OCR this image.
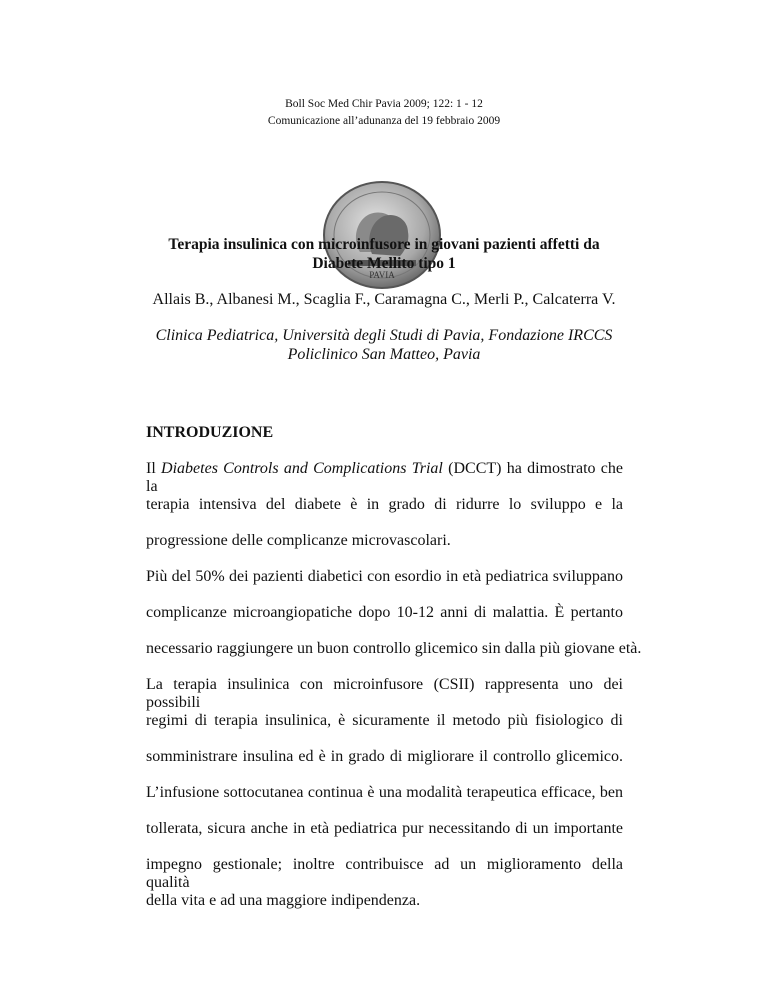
Boll Soc Med Chir Pavia 2009; 122: 1 - 12
Comunicazione all’adunanza del 19 febbraio 2009
PAVIA
Terapia insulinica con microinfusore in giovani pazienti affetti da
Diabete Mellito tipo 1
Allais B., Albanesi M., Scaglia F., Caramagna C., Merli P., Calcaterra V.
Clinica Pediatrica, Università degli Studi di Pavia, Fondazione IRCCS
Policlinico San Matteo, Pavia
INTRODUZIONE
Il Diabetes Controls and Complications Trial (DCCT) ha dimostrato che la
terapia intensiva del diabete è in grado di ridurre lo sviluppo e la
progressione delle complicanze microvascolari.
Più del 50% dei pazienti diabetici con esordio in età pediatrica sviluppano
complicanze microangiopatiche dopo 10-12 anni di malattia. È pertanto
necessario raggiungere un buon controllo glicemico sin dalla più giovane età.
La terapia insulinica con microinfusore (CSII) rappresenta uno dei possibili
regimi di terapia insulinica, è sicuramente il metodo più fisiologico di
somministrare insulina ed è in grado di migliorare il controllo glicemico.
L’infusione sottocutanea continua è una modalità terapeutica efficace, ben
tollerata, sicura anche in età pediatrica pur necessitando di un importante
impegno gestionale; inoltre contribuisce ad un miglioramento della qualità
della vita e ad una maggiore indipendenza.
